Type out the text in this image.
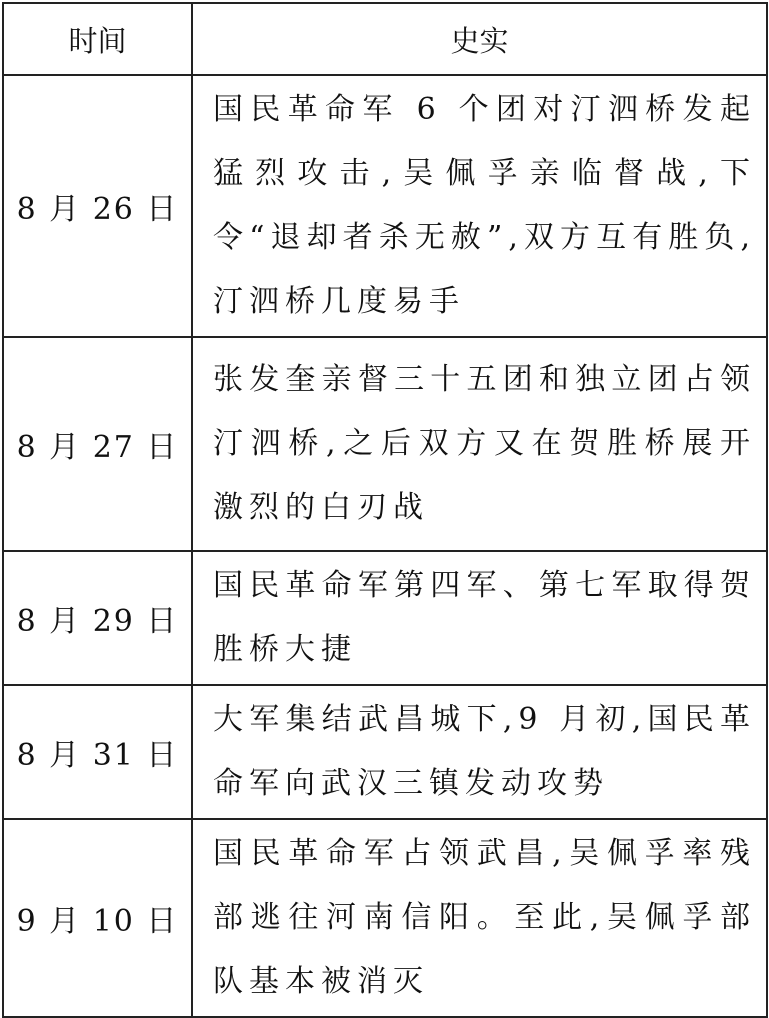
时间	史实
8 月 26 日	国民革命军 6 个团对汀泗桥发起猛烈攻击,吴佩孚亲临督战,下令“退却者杀无赦”,双方互有胜负,汀泗桥几度易手
8 月 27 日	张发奎亲督三十五团和独立团占领汀泗桥,之后双方又在贺胜桥展开激烈的白刃战
8 月 29 日	国民革命军第四军、第七军取得贺胜桥大捷
8 月 31 日	大军集结武昌城下,9 月初,国民革命军向武汉三镇发动攻势
9 月 10 日	国民革命军占领武昌,吴佩孚率残部逃往河南信阳。至此,吴佩孚部队基本被消灭
